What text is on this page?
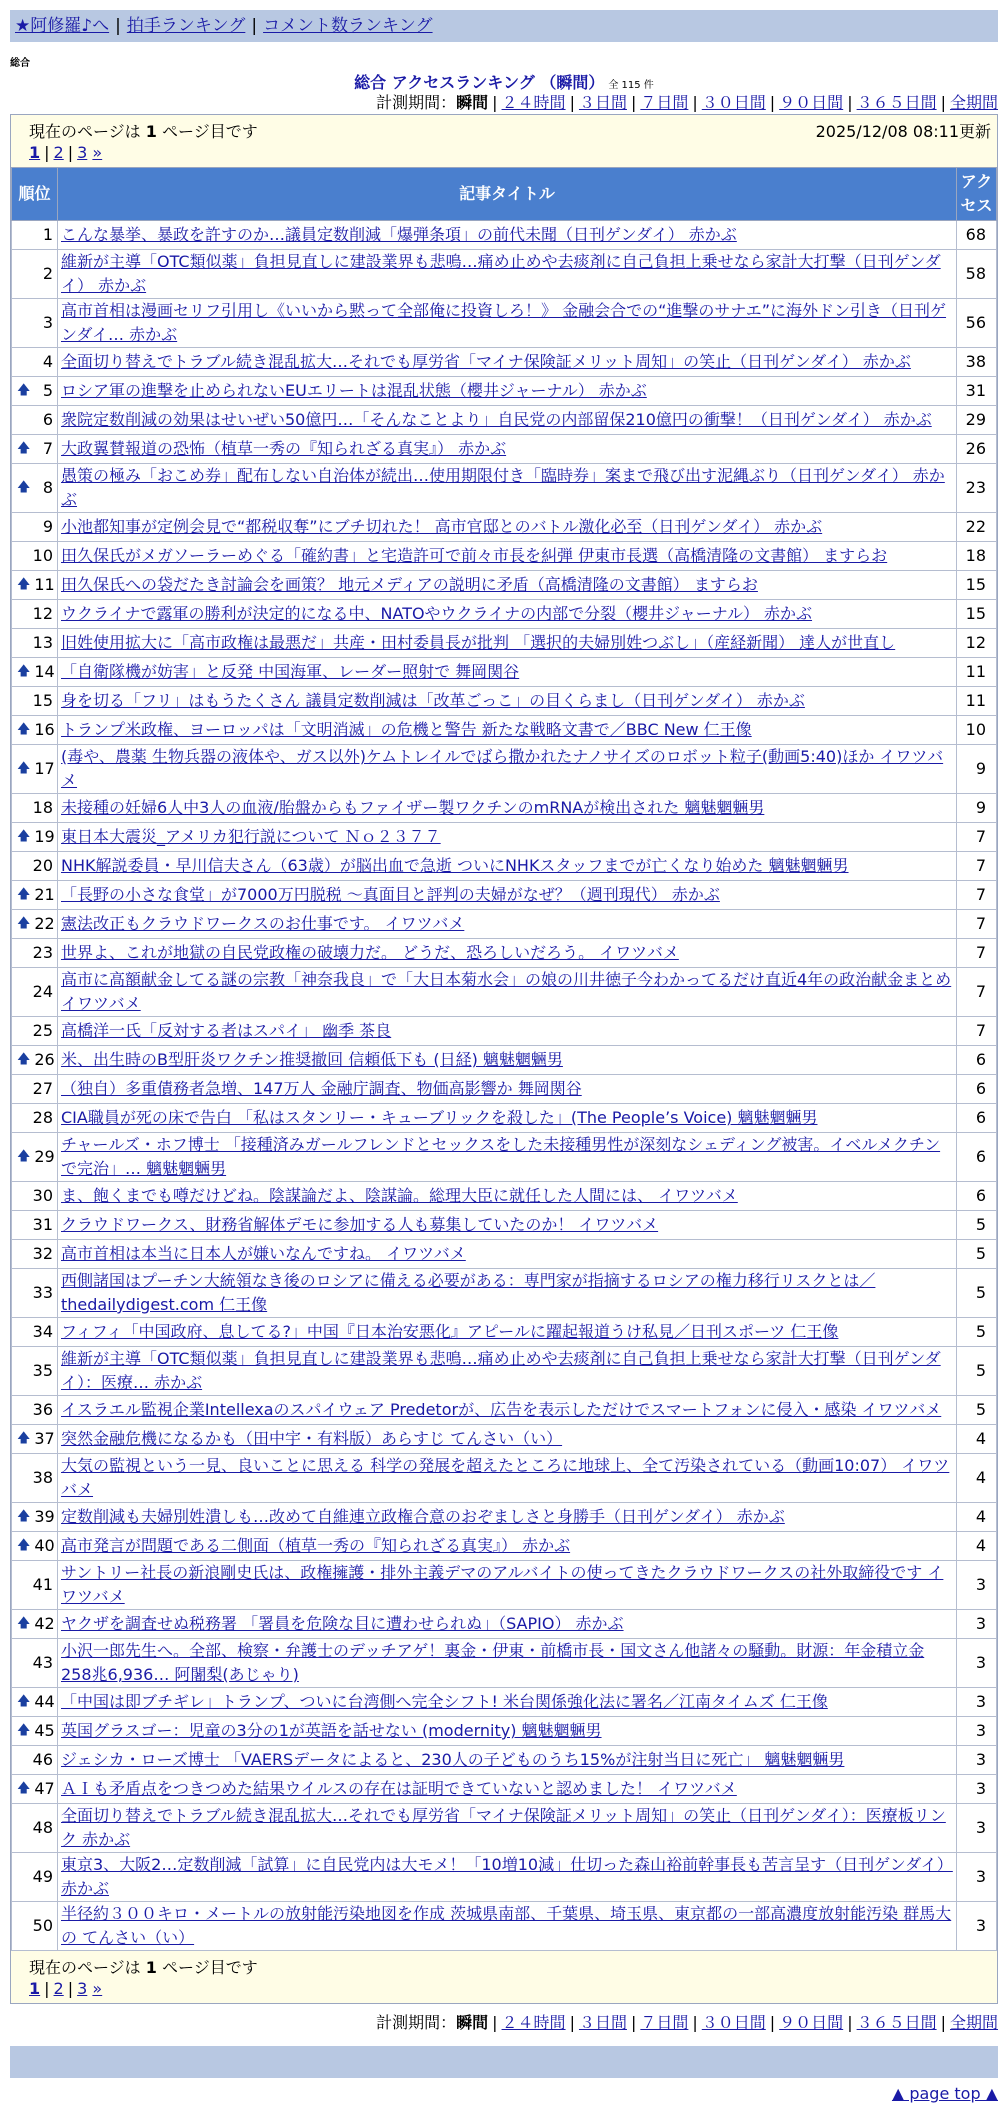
★阿修羅♪へ | 拍手ランキング | コメント数ランキング
総合
総合 アクセスランキング （瞬間） 全 115 件
計測期間：瞬間 | ２４時間 | ３日間 | ７日間 | ３０日間 | ９０日間 | ３６５日間 | 全期間
現在のページは 1 ページ目です	2025/12/08 08:11更新
1 | 2 | 3 »
順位	記事タイトル	アクセス
1	こんな暴挙、暴政を許すのか…議員定数削減「爆弾条項」の前代未聞（日刊ゲンダイ） 赤かぶ	68
2	維新が主導「OTC類似薬」負担見直しに建設業界も悲鳴…痛め止めや去痰剤に自己負担上乗せなら家計大打撃（日刊ゲンダイ） 赤かぶ	58
3	高市首相は漫画セリフ引用し《いいから黙って全部俺に投資しろ！》 金融会合での“進撃のサナエ”に海外ドン引き（日刊ゲンダイ… 赤かぶ	56
4	全面切り替えでトラブル続き混乱拡大…それでも厚労省「マイナ保険証メリット周知」の笑止（日刊ゲンダイ） 赤かぶ	38

🡅 5	ロシア軍の進撃を止められないEUエリートは混乱状態（櫻井ジャーナル） 赤かぶ	31
6	衆院定数削減の効果はせいぜい50億円…「そんなことより」自民党の内部留保210億円の衝撃！（日刊ゲンダイ） 赤かぶ	29

🡅 7	大政翼賛報道の恐怖（植草一秀の『知られざる真実』） 赤かぶ	26

🡅 8	愚策の極み「おこめ券」配布しない自治体が続出…使用期限付き「臨時券」案まで飛び出す泥縄ぶり（日刊ゲンダイ） 赤かぶ	23
9	小池都知事が定例会見で“都税収奪”にブチ切れた！ 高市官邸とのバトル激化必至（日刊ゲンダイ） 赤かぶ	22
10	田久保氏がメガソーラーめぐる「確約書」と宅造許可で前々市長を糾弾 伊東市長選（高橋清隆の文書館） ますらお	18

🡅 11	田久保氏への袋だたき討論会を画策？ 地元メディアの説明に矛盾（高橋清隆の文書館） ますらお	15
12	ウクライナで露軍の勝利が決定的になる中、NATOやウクライナの内部で分裂（櫻井ジャーナル） 赤かぶ	15
13	旧姓使用拡大に「高市政権は最悪だ」共産・田村委員長が批判 「選択的夫婦別姓つぶし」（産経新聞） 達人が世直し	12

🡅 14	「自衛隊機が妨害」と反発 中国海軍、レーダー照射で 舞岡関谷	11
15	身を切る「フリ」はもうたくさん 議員定数削減は「改革ごっこ」の目くらまし（日刊ゲンダイ） 赤かぶ	11

🡅 16	トランプ米政権、ヨーロッパは「文明消滅」の危機と警告 新たな戦略文書で／BBC New 仁王像	10

🡅 17	(毒や、農薬 生物兵器の液体や、ガス以外)ケムトレイルでばら撒かれたナノサイズのロボット粒子(動画5:40)ほか イワツバメ	9
18	未接種の妊婦6人中3人の血液/胎盤からもファイザー製ワクチンのmRNAが検出された 魑魅魍魎男	9

🡅 19	東日本大震災_アメリカ犯行説について Ｎｏ２３７７	7
20	NHK解説委員・早川信夫さん（63歳）が脳出血で急逝 ついにNHKスタッフまでが亡くなり始めた 魑魅魍魎男	7

🡅 21	「長野の小さな食堂」が7000万円脱税 ～真面目と評判の夫婦がなぜ？（週刊現代） 赤かぶ	7

🡅 22	憲法改正もクラウドワークスのお仕事です。 イワツバメ	7
23	世界よ、これが地獄の自民党政権の破壊力だ。 どうだ、恐ろしいだろう。 イワツバメ	7
24	高市に高額献金してる謎の宗教「神奈我良」で「大日本菊水会」の娘の川井徳子今わかってるだけ直近4年の政治献金まとめ イワツバメ	7
25	高橋洋一氏「反対する者はスパイ」 幽季 茶良	7

🡅 26	米、出生時のB型肝炎ワクチン推奨撤回 信頼低下も (日経) 魑魅魍魎男	6
27	（独自）多重債務者急増、147万人 金融庁調査、物価高影響か 舞岡関谷	6
28	CIA職員が死の床で告白 「私はスタンリー・キューブリックを殺した」(The People’s Voice) 魑魅魍魎男	6

🡅 29	チャールズ・ホフ博士 「接種済みガールフレンドとセックスをした未接種男性が深刻なシェディング被害。イベルメクチンで完治」… 魑魅魍魎男	6
30	ま、飽くまでも噂だけどね。陰謀論だよ、陰謀論。総理大臣に就任した人間には、 イワツバメ	6
31	クラウドワークス、財務省解体デモに参加する人も募集していたのか！ イワツバメ	5
32	高市首相は本当に日本人が嫌いなんですね。 イワツバメ	5
33	西側諸国はプーチン大統領なき後のロシアに備える必要がある：専門家が指摘するロシアの権力移行リスクとは／thedailydigest.com 仁王像	5
34	フィフィ「中国政府、息してる?」中国『日本治安悪化』アピールに躍起報道うけ私見／日刊スポーツ 仁王像	5
35	維新が主導「OTC類似薬」負担見直しに建設業界も悲鳴…痛め止めや去痰剤に自己負担上乗せなら家計大打撃（日刊ゲンダイ）：医療… 赤かぶ	5
36	イスラエル監視企業Intellexaのスパイウェア Predetorが、広告を表示しただけでスマートフォンに侵入・感染 イワツバメ	5

🡅 37	突然金融危機になるかも（田中宇・有料版）あらすじ てんさい（い）	4
38	大気の監視という一見、良いことに思える 科学の発展を超えたところに地球上、全て汚染されている（動画10:07） イワツバメ	4

🡅 39	定数削減も夫婦別姓潰しも…改めて自維連立政権合意のおぞましさと身勝手（日刊ゲンダイ） 赤かぶ	4

🡅 40	高市発言が問題である二側面（植草一秀の『知られざる真実』） 赤かぶ	4
41	サントリー社長の新浪剛史氏は、政権擁護・排外主義デマのアルバイトの使ってきたクラウドワークスの社外取締役です イワツバメ	3

🡅 42	ヤクザを調査せぬ税務署 「署員を危険な目に遭わせられぬ」（SAPIO） 赤かぶ	3
43	小沢一郎先生へ。全部、検察・弁護士のデッチアゲ！裏金・伊東・前橋市長・国文さん他諸々の騒動。財源：年金積立金258兆6,936… 阿闍梨(あじゃり)	3

🡅 44	「中国は即ブチギレ」トランプ、ついに台湾側へ完全シフト! 米台関係強化法に署名／江南タイムズ 仁王像	3

🡅 45	英国グラスゴー：児童の3分の1が英語を話せない (modernity) 魑魅魍魎男	3
46	ジェシカ・ローズ博士 「VAERSデータによると、230人の子どものうち15%が注射当日に死亡」 魑魅魍魎男	3

🡅 47	ＡＩも矛盾点をつきつめた結果ウイルスの存在は証明できていないと認めました！ イワツバメ	3
48	全面切り替えでトラブル続き混乱拡大…それでも厚労省「マイナ保険証メリット周知」の笑止（日刊ゲンダイ）：医療板リンク 赤かぶ	3
49	東京3、大阪2…定数削減「試算」に自民党内は大モメ！「10増10減」仕切った森山裕前幹事長も苦言呈す（日刊ゲンダイ） 赤かぶ	3
50	半径約３００キロ・メートルの放射能汚染地図を作成 茨城県南部、千葉県、埼玉県、東京都の一部高濃度放射能汚染 群馬大の てんさい（い）	3
現在のページは 1 ページ目です
1 | 2 | 3 »
計測期間：瞬間 | ２４時間 | ３日間 | ７日間 | ３０日間 | ９０日間 | ３６５日間 | 全期間
▲ page top ▲
